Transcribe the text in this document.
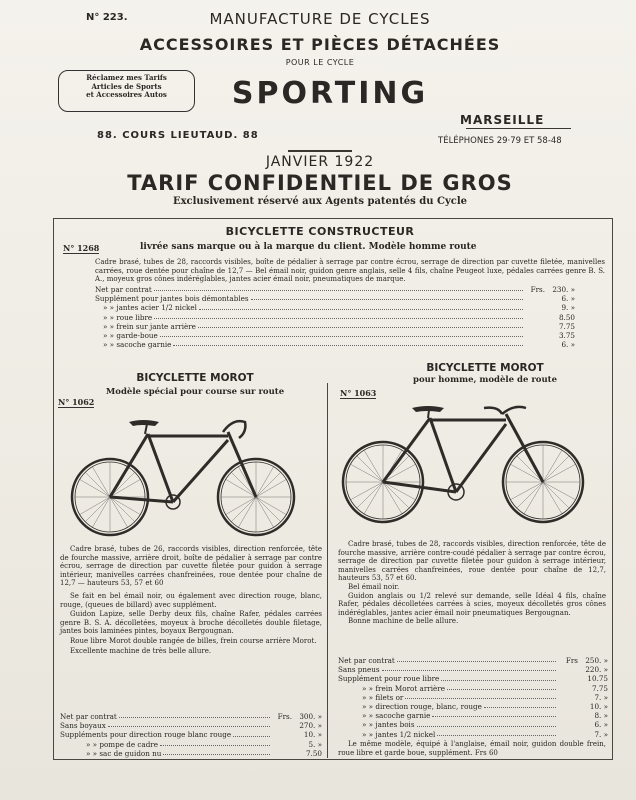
N° 223.	MANUFACTURE DE CYCLES
ACCESSOIRES ET PIÈCES DÉTACHÉES
POUR LE CYCLE
Réclamez mes Tarifs
Articles de Sports
et Accessoires Autos	SPORTING
MARSEILLE
88. COURS LIEUTAUD. 88	TÉLÉPHONES 29·79 ET 58-48
JANVIER 1922
TARIF CONFIDENTIEL DE GROS
Exclusivement réservé aux Agents patentés du Cycle
BICYCLETTE CONSTRUCTEUR
N° 1268	livrée sans marque ou à la marque du client. Modèle homme route
Cadre brasé, tubes de 28, raccords visibles, boîte de pédalier à serrage par contre écrou, serrage de direction par cuvette filetée, manivelles carrées, roue dentée pour chaîne de 12,7 — Bel émail noir, guidon genre anglais, selle 4 fils, chaîne Peugeot luxe, pédales carrées genre B. S. A., moyeux gros cônes indéréglables, jantes acier émail noir, pneumatiques de marque.
Net par contrat	Frs.	230. »
Supplément pour jantes bois démontables	6. »
» » jantes acier 1/2 nickel	9. »
» » roue libre	8.50
» » frein sur jante arrière	7.75
» » garde-boue	3.75
» » sacoche garnie	6. »
BICYCLETTE MOROT
Modèle spécial pour course sur route
N° 1062
Cadre brasé, tubes de 26, raccords visibles, direction renforcée, tête de fourche massive, arrière droit, boîte de pédalier à serrage par contre écrou, serrage de direction par cuvette filetée pour guidon à serrage intérieur, manivelles carrées chanfreinées, roue dentée pour chaîne de 12,7 — hauteurs 53, 57 et 60
Se fait en bel émail noir, ou également avec direction rouge, blanc, rouge, (queues de billard) avec supplément.
Guidon Lapize, selle Derby deux fils, chaîne Rafer, pédales carrées genre B. S. A. décolletées, moyeux à broche décolletés double filetage, jantes bois laminées pintes, boyaux Bergougnan.
Roue libre Morot double rangée de billes, frein course arrière Morot.
Excellente machine de très belle allure.
Net par contrat	Frs.	300. »
Sans boyaux	270. »
Suppléments pour direction rouge blanc rouge	10. »
» » pompe de cadre	5. »
» » sac de guidon nu	7.50
BICYCLETTE MOROT
pour homme, modèle de route
N° 1063
Cadre brasé, tubes de 28, raccords visibles, direction renforcée, tête de fourche massive, arrière contre-coudé pédalier à serrage par contre écrou, serrage de direction par cuvette filetée pour guidon à serrage intérieur, manivelles carrées chanfreinées, roue dentée pour chaîne de 12,7, hauteurs 53, 57 et 60.
Bel émail noir.
Guidon anglais ou 1/2 relevé sur demande, selle Idéal 4 fils, chaîne Rafer, pédales décolletées carrées à scies, moyeux décolletés gros cônes indéréglables, jantes acier émail noir pneumatiques Bergougnan.
Bonne machine de belle allure.
Net par contrat	Frs	250. »
Sans pneus	220. »
Supplément pour roue libre	10.75
» » frein Morot arrière	7.75
» » filets or	7. »
» » direction rouge, blanc, rouge	10. »
» » sacoche garnie	8. »
» » jantes bois	6. »
» » jantes 1/2 nickel	7. »
Le même modèle, équipé à l'anglaise, émail noir, guidon double frein, roue libre et garde boue, supplément. Frs 60
